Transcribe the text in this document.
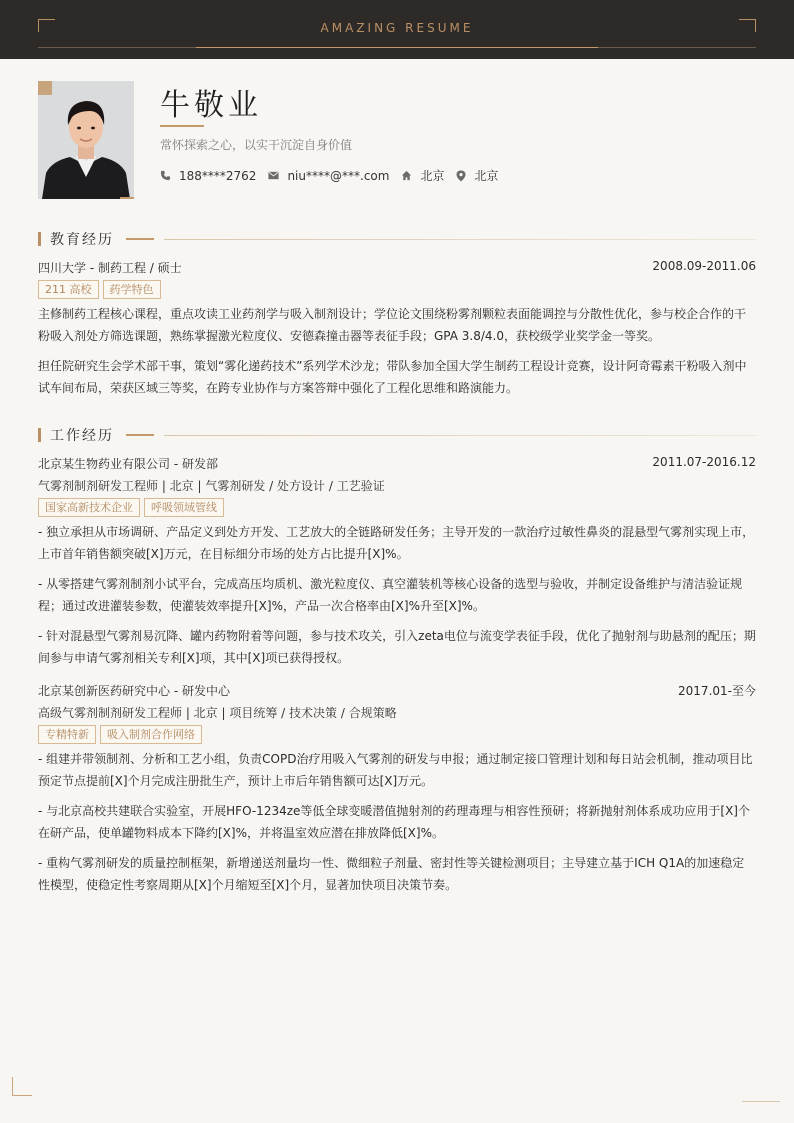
AMAZING RESUME
牛敬业
常怀探索之心，以实干沉淀自身价值
188****2762	niu****@***.com	北京	北京
教育经历
四川大学 - 制药工程 / 硕士	2008.09-2011.06
211 高校	药学特色
主修制药工程核心课程，重点攻读工业药剂学与吸入制剂设计；学位论文围绕粉雾剂颗粒表面能调控与分散性优化，参与校企合作的干粉吸入剂处方筛选课题，熟练掌握激光粒度仪、安德森撞击器等表征手段；GPA 3.8/4.0，获校级学业奖学金一等奖。
担任院研究生会学术部干事，策划“雾化递药技术”系列学术沙龙；带队参加全国大学生制药工程设计竞赛，设计阿奇霉素干粉吸入剂中试车间布局，荣获区域三等奖，在跨专业协作与方案答辩中强化了工程化思维和路演能力。
工作经历
北京某生物药业有限公司 - 研发部	2011.07-2016.12
气雾剂制剂研发工程师 | 北京 | 气雾剂研发 / 处方设计 / 工艺验证
国家高新技术企业	呼吸领域管线
- 独立承担从市场调研、产品定义到处方开发、工艺放大的全链路研发任务；主导开发的一款治疗过敏性鼻炎的混悬型气雾剂实现上市，上市首年销售额突破[X]万元，在目标细分市场的处方占比提升[X]%。
- 从零搭建气雾剂制剂小试平台，完成高压均质机、激光粒度仪、真空灌装机等核心设备的选型与验收，并制定设备维护与清洁验证规程；通过改进灌装参数，使灌装效率提升[X]%，产品一次合格率由[X]%升至[X]%。
- 针对混悬型气雾剂易沉降、罐内药物附着等问题，参与技术攻关，引入zeta电位与流变学表征手段，优化了抛射剂与助悬剂的配压；期间参与申请气雾剂相关专利[X]项，其中[X]项已获得授权。
北京某创新医药研究中心 - 研发中心	2017.01-至今
高级气雾剂制剂研发工程师 | 北京 | 项目统筹 / 技术决策 / 合规策略
专精特新	吸入制剂合作网络
- 组建并带领制剂、分析和工艺小组，负责COPD治疗用吸入气雾剂的研发与申报；通过制定接口管理计划和每日站会机制，推动项目比预定节点提前[X]个月完成注册批生产，预计上市后年销售额可达[X]万元。
- 与北京高校共建联合实验室，开展HFO-1234ze等低全球变暖潜值抛射剂的药理毒理与相容性预研；将新抛射剂体系成功应用于[X]个在研产品，使单罐物料成本下降约[X]%，并将温室效应潜在排放降低[X]%。
- 重构气雾剂研发的质量控制框架，新增递送剂量均一性、微细粒子剂量、密封性等关键检测项目；主导建立基于ICH Q1A的加速稳定性模型，使稳定性考察周期从[X]个月缩短至[X]个月，显著加快项目决策节奏。
